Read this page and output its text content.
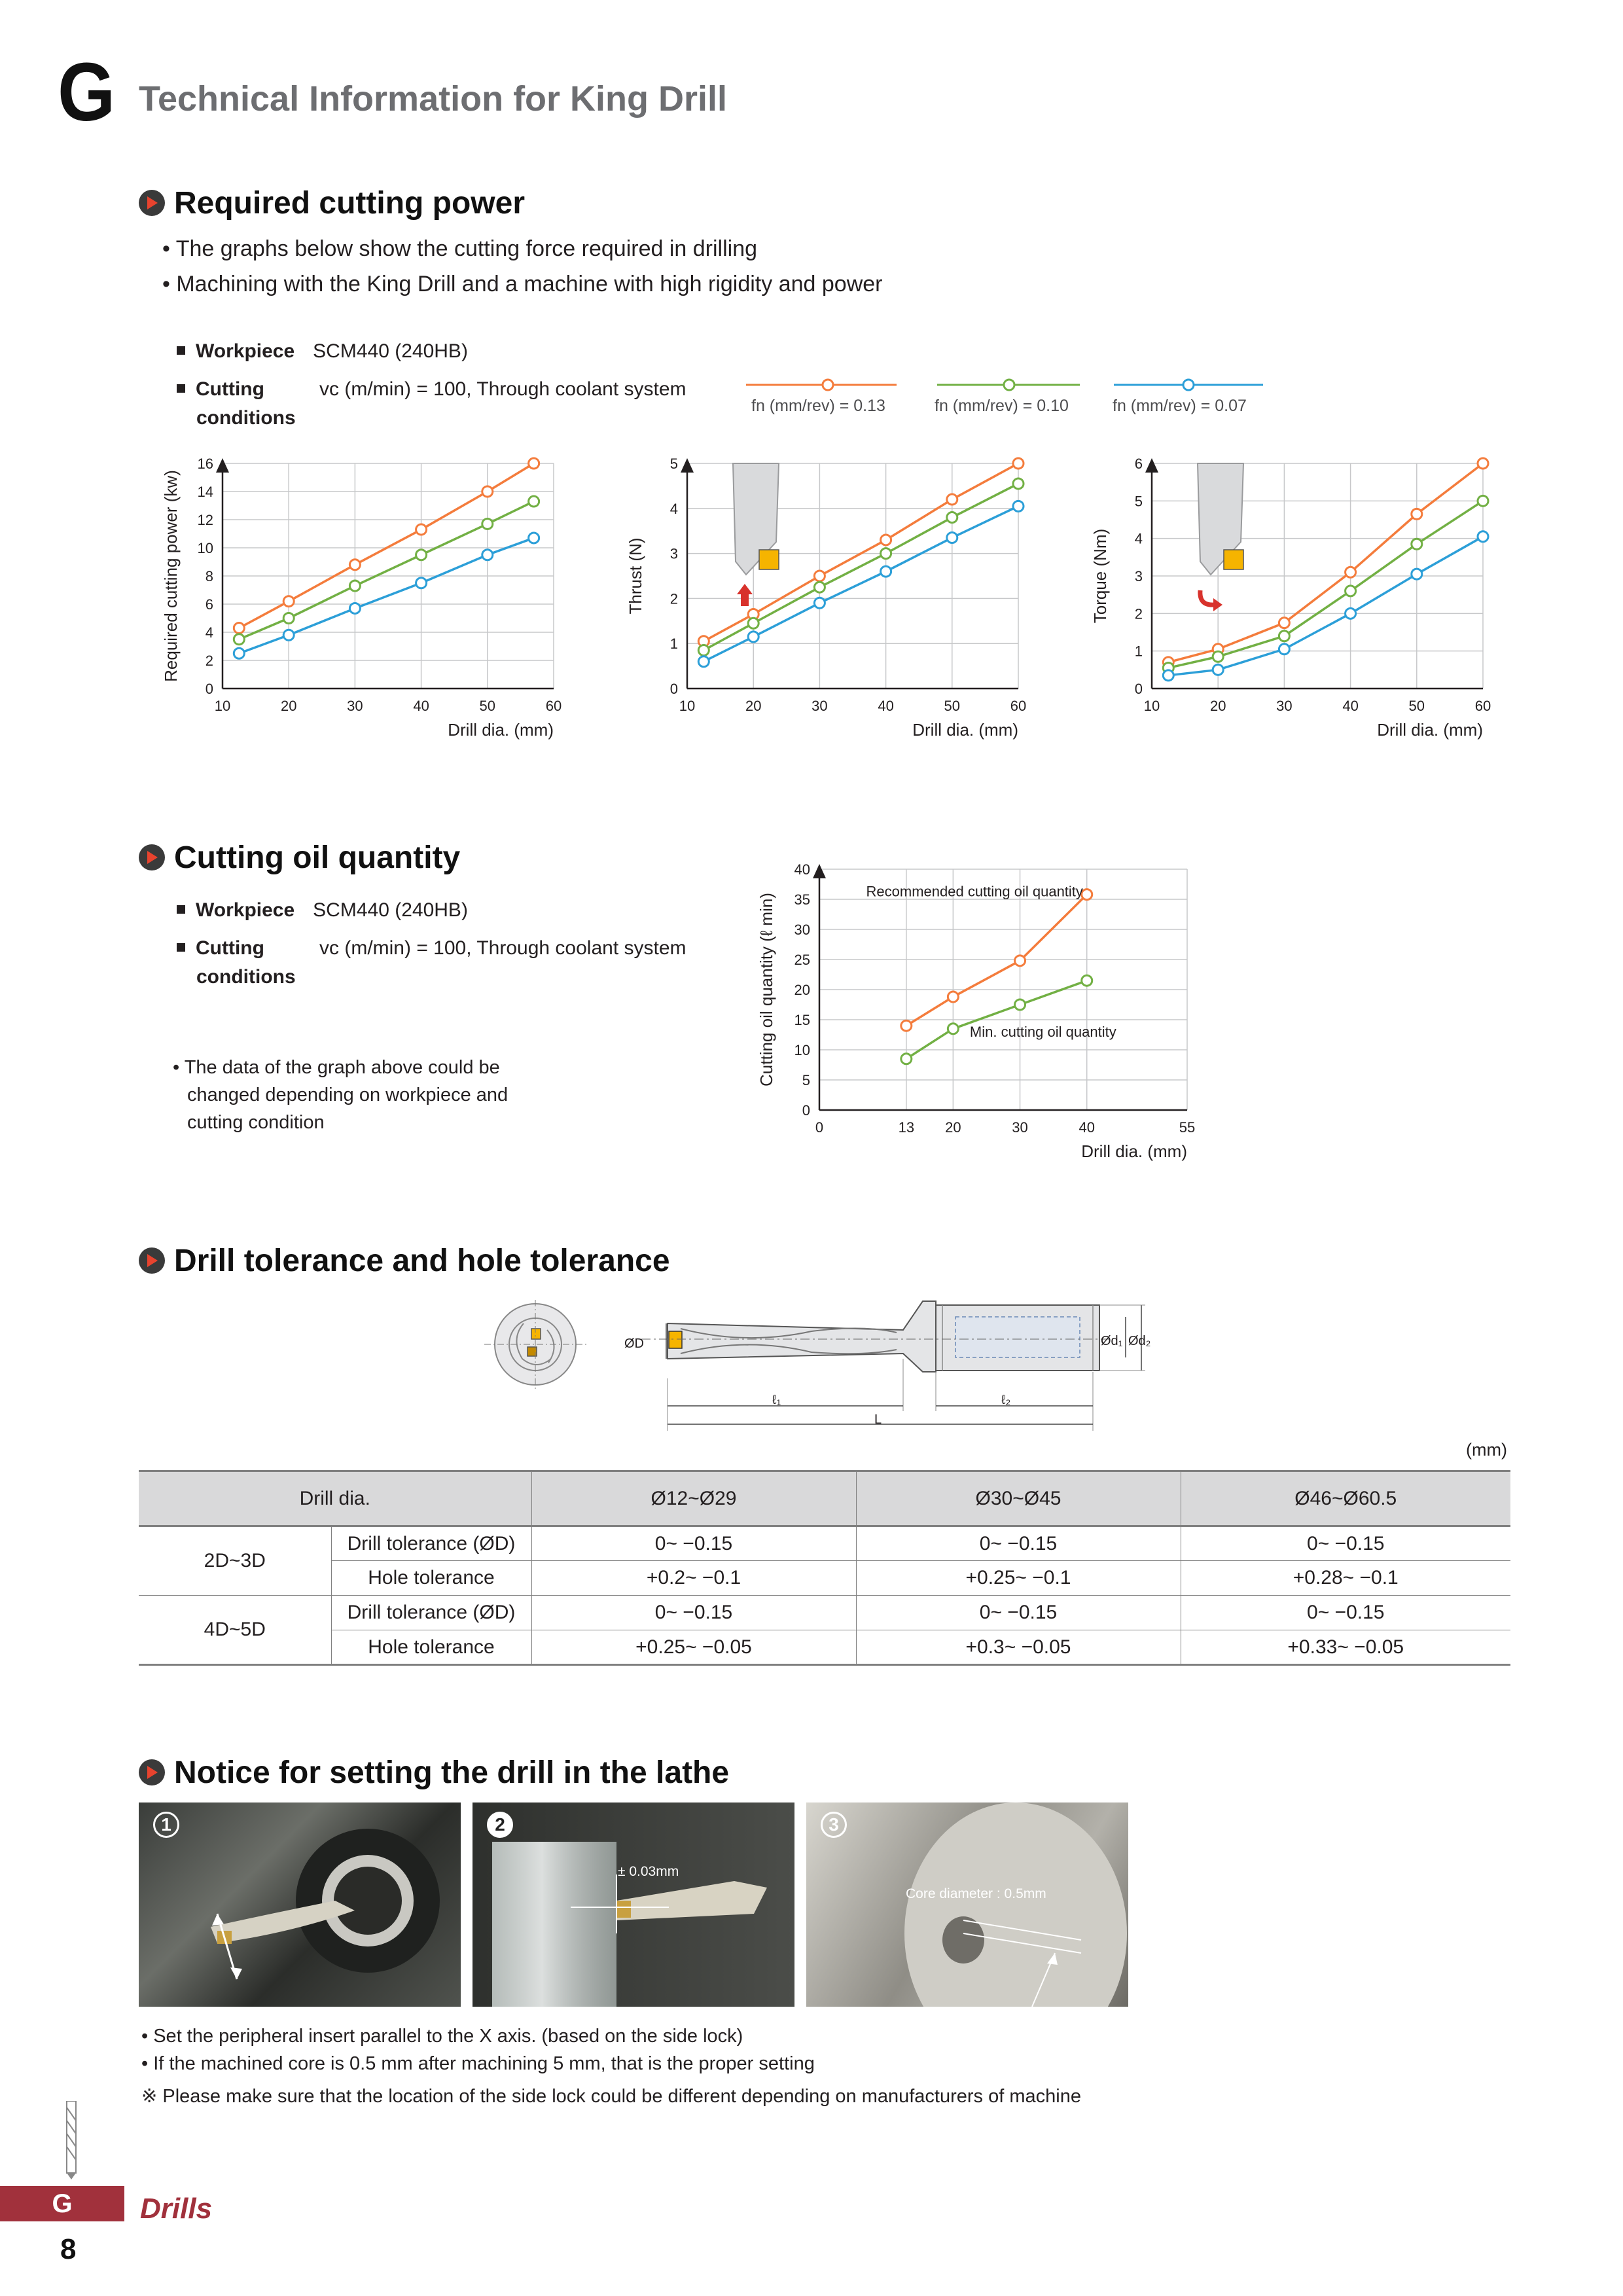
G Technical Information for King Drill
Required cutting power
• The graphs below show the cutting force required in drilling
• Machining with the King Drill and a machine with high rigidity and power
Workpiece SCM440 (240HB)
Cutting
conditions
vc (m/min) = 100, Through coolant system
fn (mm/rev) = 0.13	fn (mm/rev) = 0.10	fn (mm/rev) = 0.07
0
2
4
6
8
10
12
14
16
10	20	30	40	50	60
Drill dia. (mm)
Required cutting power (kw)
0
1
2
3
4
5
10	20	30	40	50	60
Drill dia. (mm)
Thrust (N)
0
1
2
3
4
5
6
10	20	30	40	50	60
Drill dia. (mm)
Torque (Nm)
Cutting oil quantity
Workpiece SCM440 (240HB)
Cutting
conditions
vc (m/min) = 100, Through coolant system
• The data of the graph above could be
changed depending on workpiece and
cutting condition
0
5
10
15
20
25
30
35
40
0	13 20	30	40	55
Drill dia. (mm)
Cutting oil quantity (ℓ min)
Recommended cutting oil quantity
Min. cutting oil quantity
Drill tolerance and hole tolerance
ØD	Ød₁ Ød₂
ℓ₁	ℓ₂
L
(mm)
Drill dia.		Ø12~Ø29	Ø30~Ø45	Ø46~Ø60.5
2D~3D	Drill tolerance (ØD)	0~ −0.15	0~ −0.15	0~ −0.15
	Hole tolerance	+0.2~ −0.1	+0.25~ −0.1	+0.28~ −0.1
4D~5D	Drill tolerance (ØD)	0~ −0.15	0~ −0.15	0~ −0.15
	Hole tolerance	+0.25~ −0.05	+0.3~ −0.05	+0.33~ −0.05
Notice for setting the drill in the lathe
1	2
± 0.03mm
3
Core diameter : 0.5mm
• Set the peripheral insert parallel to the X axis. (based on the side lock)
• If the machined core is 0.5 mm after machining 5 mm, that is the proper setting
※ Please make sure that the location of the side lock could be different depending on manufacturers of machine
G	Drills
8
